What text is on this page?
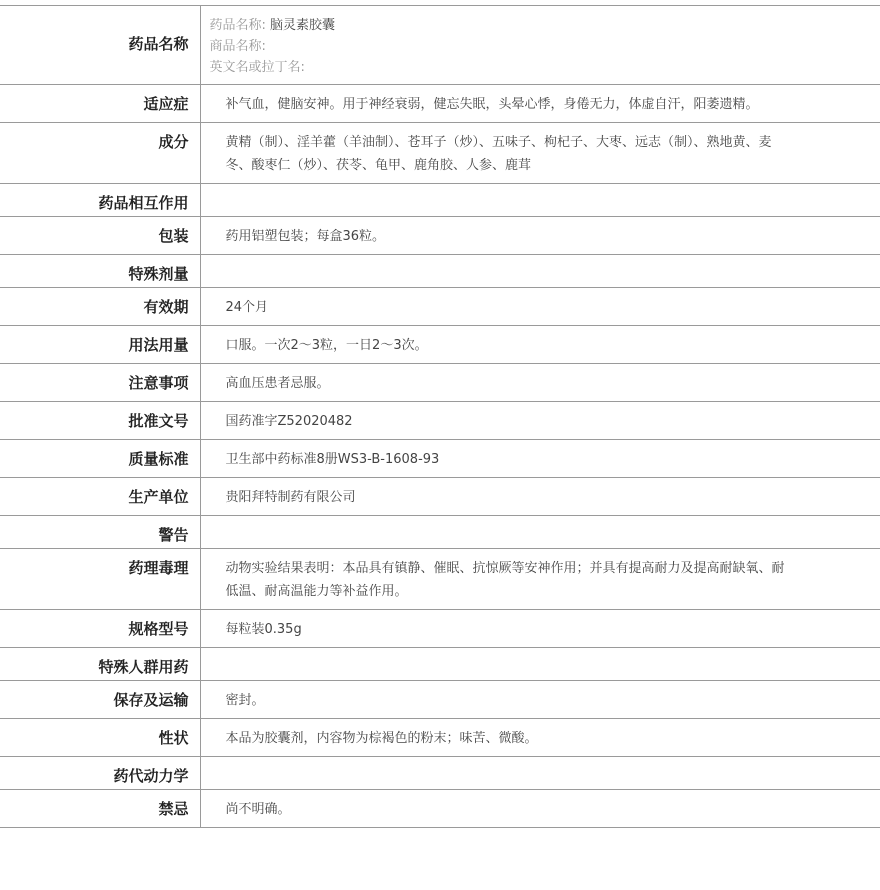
药品名称	药品名称: 脑灵素胶囊
商品名称:
英文名或拉丁名:

适应症	补气血，健脑安神。用于神经衰弱，健忘失眠，头晕心悸，身倦无力，体虚自汗，阳萎遗精。
成分	黄精（制）、淫羊藿（羊油制）、苍耳子（炒）、五味子、枸杞子、大枣、远志（制）、熟地黄、麦冬、酸枣仁（炒）、茯苓、龟甲、鹿角胶、人参、鹿茸
药品相互作用	
包装	药用铝塑包装；每盒36粒。
特殊剂量	
有效期	24个月
用法用量	口服。一次2～3粒，一日2～3次。
注意事项	高血压患者忌服。
批准文号	国药准字Z52020482
质量标准	卫生部中药标准8册WS3-B-1608-93
生产单位	贵阳拜特制药有限公司
警告	
药理毒理	动物实验结果表明：本品具有镇静、催眠、抗惊厥等安神作用；并具有提高耐力及提高耐缺氧、耐低温、耐高温能力等补益作用。
规格型号	每粒装0.35g
特殊人群用药	
保存及运输	密封。
性状	本品为胶囊剂，内容物为棕褐色的粉末；味苦、微酸。
药代动力学	
禁忌	尚不明确。
